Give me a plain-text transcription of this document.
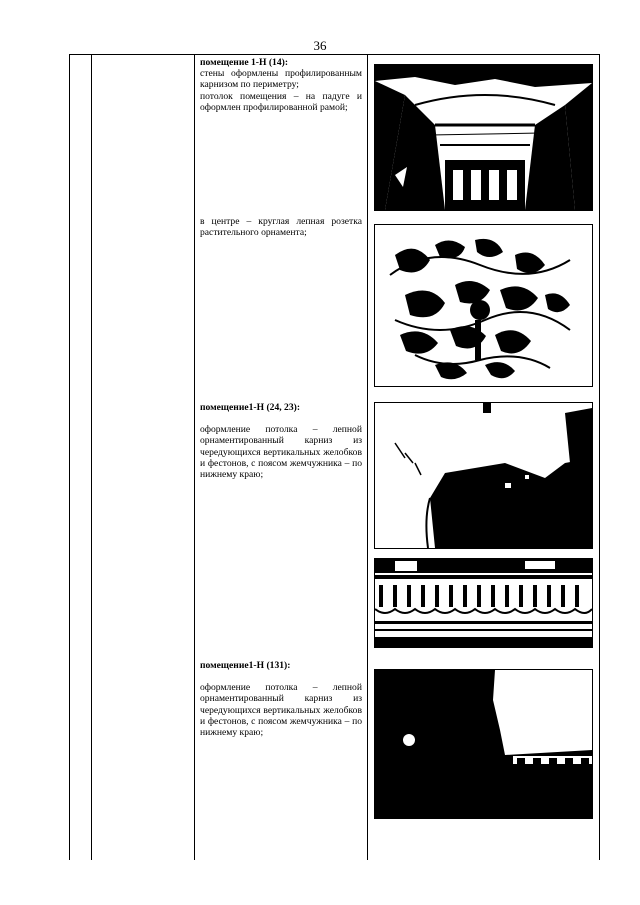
36
помещение 1-Н (14):
стены оформлены профилированным карнизом по периметру;
потолок помещения – на падуге и оформлен профилированной рамой;
в центре – круглая лепная розетка растительного орнамента;
помещение1-Н (24, 23):
оформление потолка – лепной орнаментированный карниз из чередующихся вертикальных желобков и фестонов, с поясом жемчужника – по нижнему краю;
помещение1-Н (131):
оформление потолка – лепной орнаментированный карниз из чередующихся вертикальных желобков и фестонов, с поясом жемчужника – по нижнему краю;
